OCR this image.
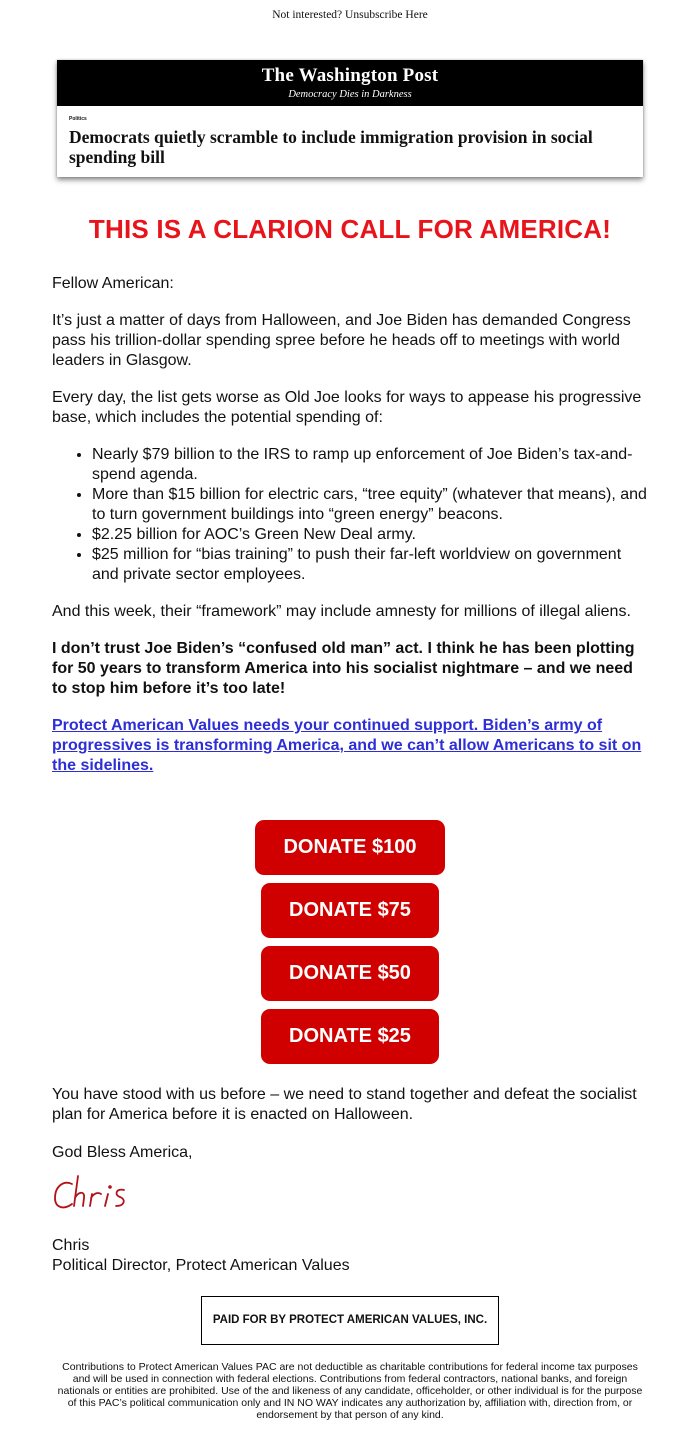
Not interested? Unsubscribe Here
The Washington Post
Democracy Dies in Darkness
Politics
Democrats quietly scramble to include immigration provision in social spending bill
THIS IS A CLARION CALL FOR AMERICA!

Fellow American:

It’s just a matter of days from Halloween, and Joe Biden has demanded Congress pass his trillion-dollar spending spree before he heads off to meetings with world leaders in Glasgow.

Every day, the list gets worse as Old Joe looks for ways to appease his progressive base, which includes the potential spending of:

• Nearly $79 billion to the IRS to ramp up enforcement of Joe Biden’s tax-and-spend agenda.
• More than $15 billion for electric cars, “tree equity” (whatever that means), and to turn government buildings into “green energy” beacons.
• $2.25 billion for AOC’s Green New Deal army.
• $25 million for “bias training” to push their far-left worldview on government and private sector employees.

And this week, their “framework” may include amnesty for millions of illegal aliens.

I don’t trust Joe Biden’s “confused old man” act. I think he has been plotting for 50 years to transform America into his socialist nightmare – and we need to stop him before it’s too late!

Protect American Values needs your continued support. Biden’s army of progressives is transforming America, and we can’t allow Americans to sit on the sidelines.

DONATE $100
DONATE $75
DONATE $50
DONATE $25

You have stood with us before – we need to stand together and defeat the socialist plan for America before it is enacted on Halloween.

God Bless America,

Chris
Political Director, Protect American Values
PAID FOR BY PROTECT AMERICAN VALUES, INC.
Contributions to Protect American Values PAC are not deductible as charitable contributions for federal income tax purposes and will be used in connection with federal elections. Contributions from federal contractors, national banks, and foreign nationals or entities are prohibited. Use of the and likeness of any candidate, officeholder, or other individual is for the purpose of this PAC’s political communication only and IN NO WAY indicates any authorization by, affiliation with, direction from, or endorsement by that person of any kind.
